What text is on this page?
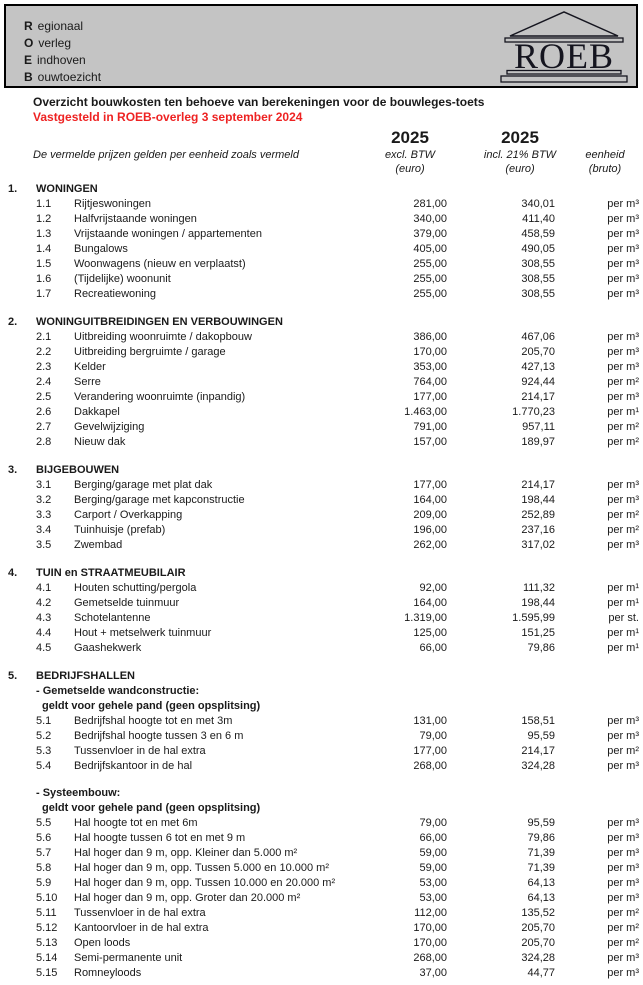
R egionaal
O verleg
E indhoven
B ouwtoezicht
ROEB
Overzicht bouwkosten ten behoeve van berekeningen voor de bouwleges-toets
Vastgesteld in ROEB-overleg 3 september 2024
De vermelde prijzen gelden per eenheid zoals vermeld
2025
excl. BTW
(euro)
2025
incl. 21% BTW
(euro)
eenheid
(bruto)
1.	WONINGEN
1.1	Rijtjeswoningen	281,00	340,01	per m³
1.2	Halfvrijstaande woningen	340,00	411,40	per m³
1.3	Vrijstaande woningen / appartementen	379,00	458,59	per m³
1.4	Bungalows	405,00	490,05	per m³
1.5	Woonwagens (nieuw en verplaatst)	255,00	308,55	per m³
1.6	(Tijdelijke) woonunit	255,00	308,55	per m³
1.7	Recreatiewoning	255,00	308,55	per m³
2.	WONINGUITBREIDINGEN EN VERBOUWINGEN
2.1	Uitbreiding woonruimte / dakopbouw	386,00	467,06	per m³
2.2	Uitbreiding bergruimte / garage	170,00	205,70	per m³
2.3	Kelder	353,00	427,13	per m³
2.4	Serre	764,00	924,44	per m²
2.5	Verandering woonruimte (inpandig)	177,00	214,17	per m³
2.6	Dakkapel	1.463,00	1.770,23	per m¹
2.7	Gevelwijziging	791,00	957,11	per m²
2.8	Nieuw dak	157,00	189,97	per m²
3.	BIJGEBOUWEN
3.1	Berging/garage met plat dak	177,00	214,17	per m³
3.2	Berging/garage met kapconstructie	164,00	198,44	per m³
3.3	Carport / Overkapping	209,00	252,89	per m²
3.4	Tuinhuisje (prefab)	196,00	237,16	per m²
3.5	Zwembad	262,00	317,02	per m³
4.	TUIN en STRAATMEUBILAIR
4.1	Houten schutting/pergola	92,00	111,32	per m¹
4.2	Gemetselde tuinmuur	164,00	198,44	per m¹
4.3	Schotelantenne	1.319,00	1.595,99	per st.
4.4	Hout + metselwerk tuinmuur	125,00	151,25	per m¹
4.5	Gaashekwerk	66,00	79,86	per m¹
5.	BEDRIJFSHALLEN
- Gemetselde wandconstructie:
geldt voor gehele pand (geen opsplitsing)
5.1	Bedrijfshal hoogte tot en met 3m	131,00	158,51	per m³
5.2	Bedrijfshal hoogte tussen 3 en 6 m	79,00	95,59	per m³
5.3	Tussenvloer in de hal extra	177,00	214,17	per m²
5.4	Bedrijfskantoor in de hal	268,00	324,28	per m³
- Systeembouw:
geldt voor gehele pand (geen opsplitsing)
5.5	Hal hoogte tot en met 6m	79,00	95,59	per m³
5.6	Hal hoogte tussen 6 tot en met 9 m	66,00	79,86	per m³
5.7	Hal hoger dan 9 m, opp. Kleiner dan 5.000 m²	59,00	71,39	per m³
5.8	Hal hoger dan 9 m, opp. Tussen 5.000 en 10.000 m²	59,00	71,39	per m³
5.9	Hal hoger dan 9 m, opp. Tussen 10.000 en 20.000 m²	53,00	64,13	per m³
5.10	Hal hoger dan 9 m, opp. Groter dan 20.000 m²	53,00	64,13	per m³
5.11	Tussenvloer in de hal extra	112,00	135,52	per m²
5.12	Kantoorvloer in de hal extra	170,00	205,70	per m²
5.13	Open loods	170,00	205,70	per m²
5.14	Semi-permanente unit	268,00	324,28	per m³
5.15	Romneyloods	37,00	44,77	per m³
